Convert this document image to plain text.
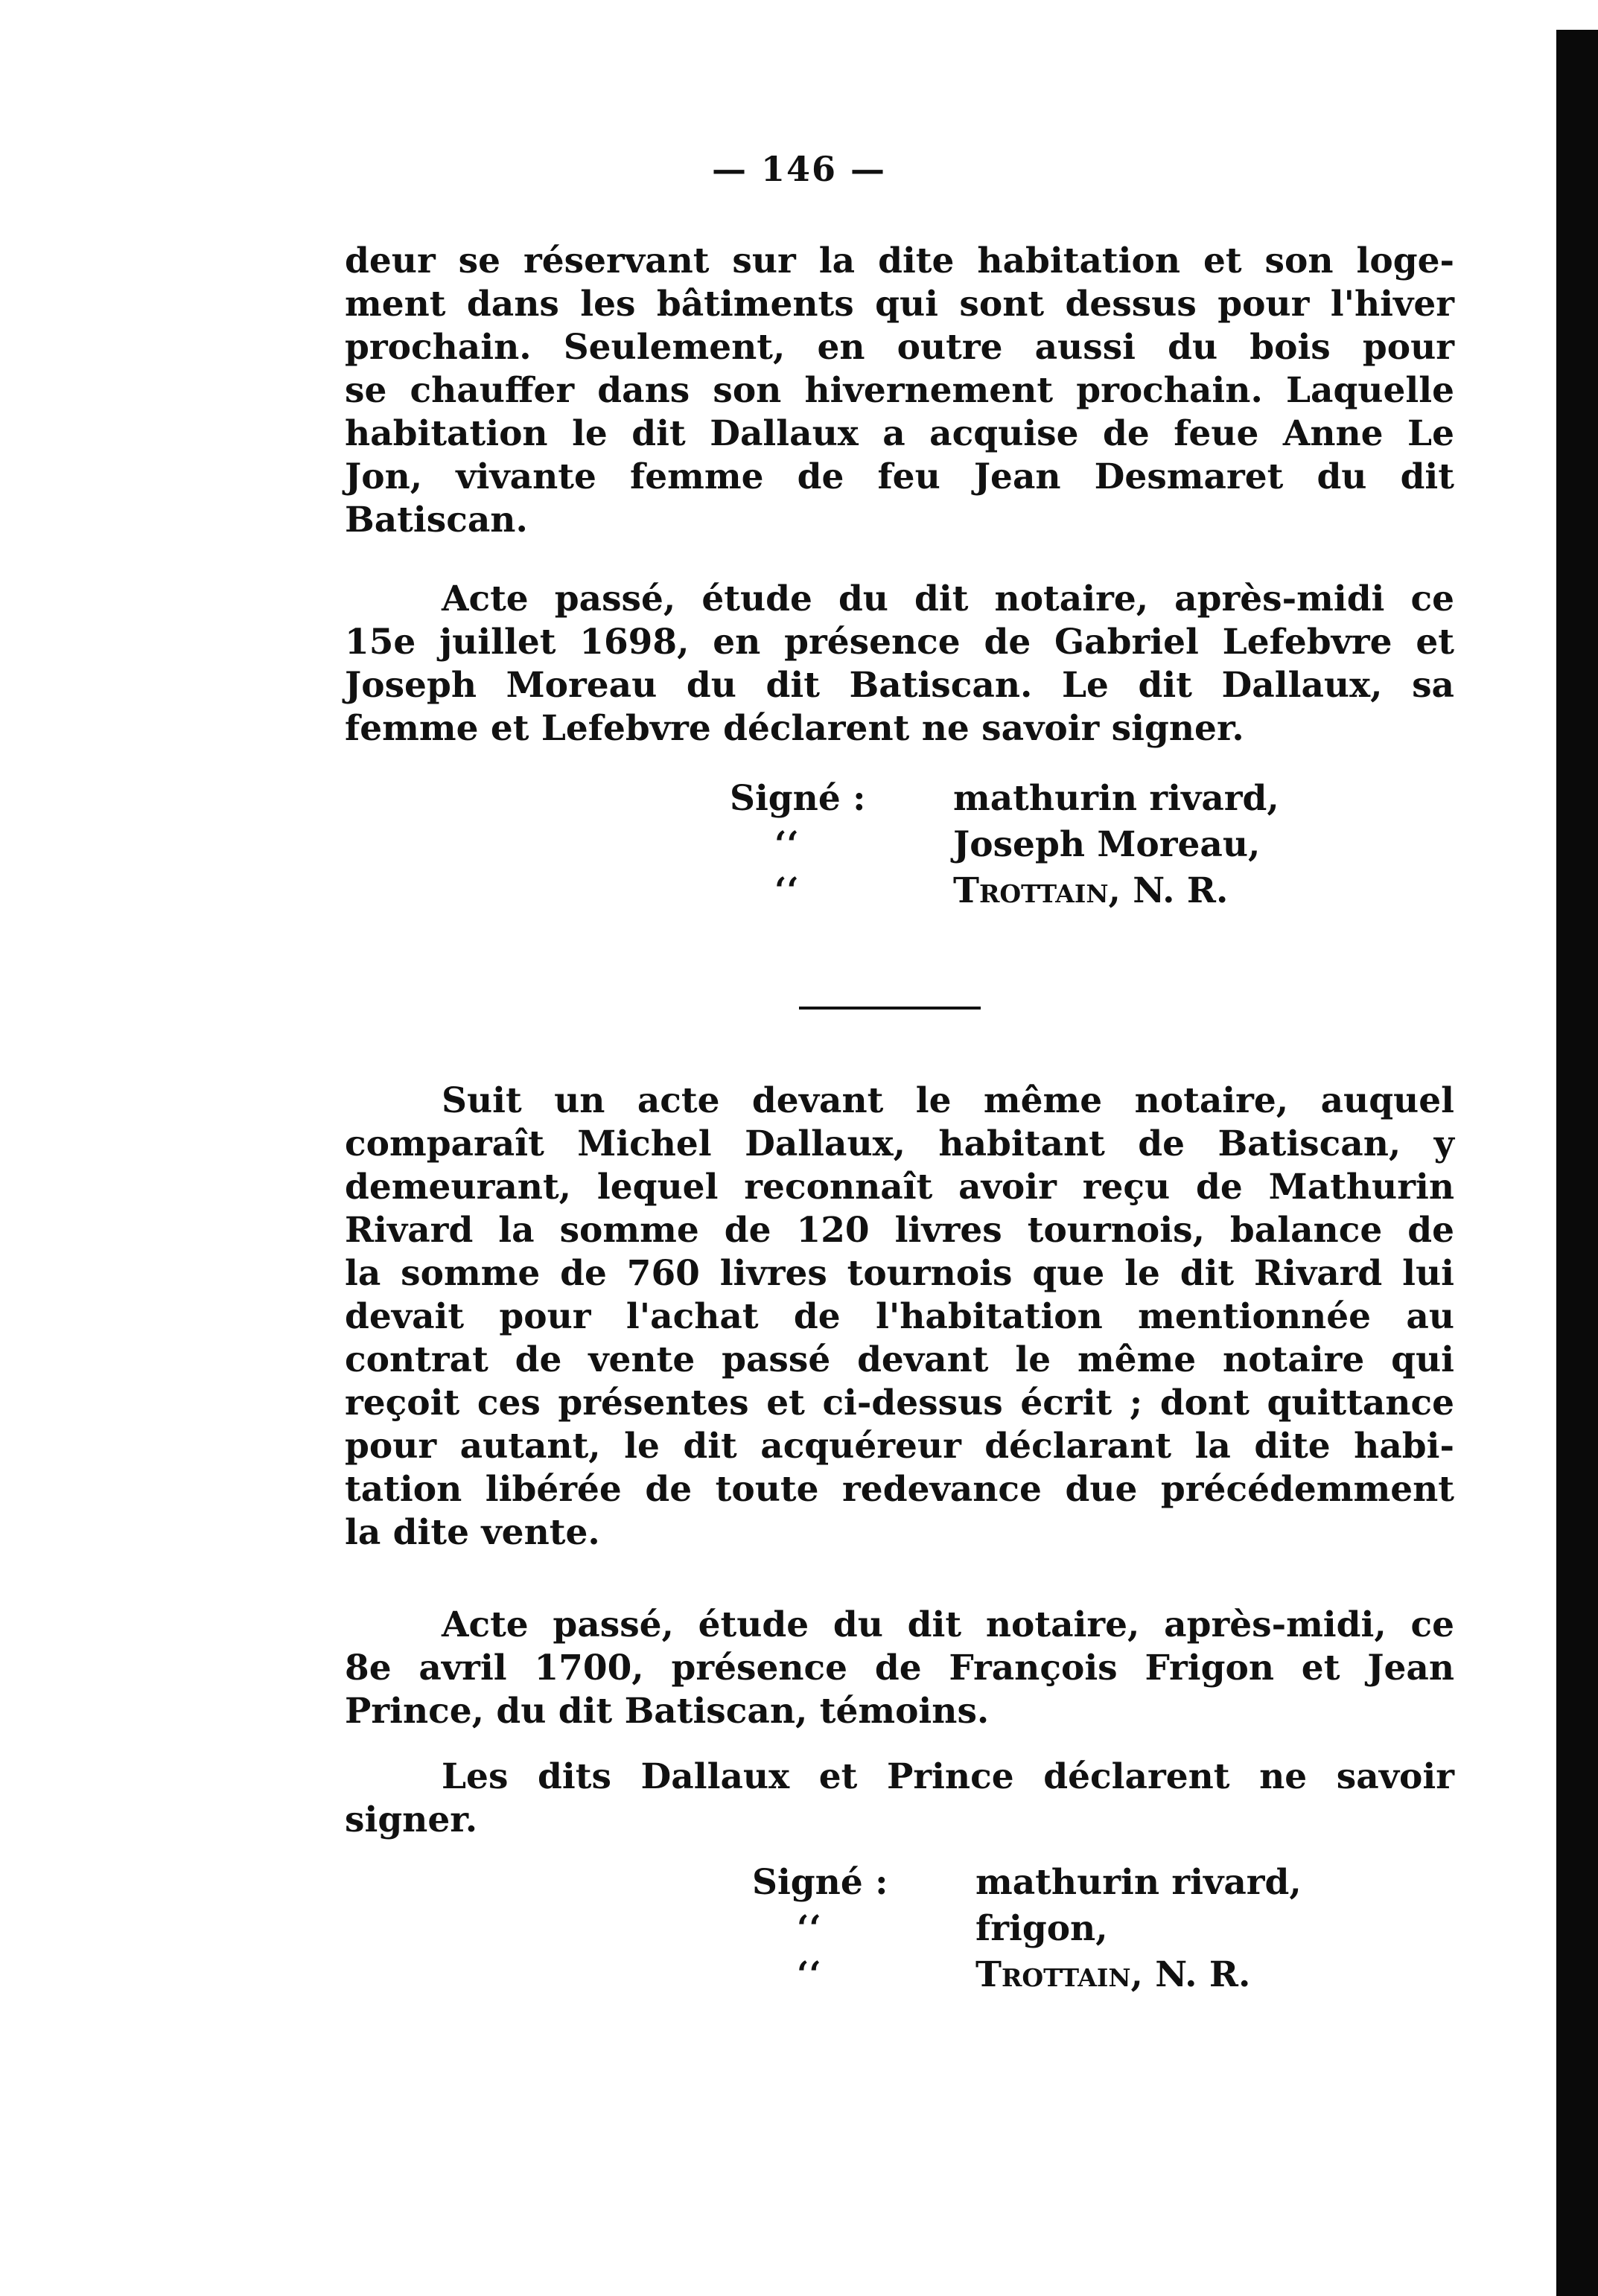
— 146 —
deur se réservant sur la dite habitation et son loge-
ment dans les bâtiments qui sont dessus pour l'hiver
prochain. Seulement, en outre aussi du bois pour
se chauffer dans son hivernement prochain. Laquelle
habitation le dit Dallaux a acquise de feue Anne Le
Jon, vivante femme de feu Jean Desmaret du dit
Batiscan.
Acte passé, étude du dit notaire, après-midi ce
15e juillet 1698, en présence de Gabriel Lefebvre et
Joseph Moreau du dit Batiscan. Le dit Dallaux, sa
femme et Lefebvre déclarent ne savoir signer.
Signé :	mathurin rivard,
‘‘	Joseph Moreau,
‘‘	Trottain, N. R.
Suit un acte devant le même notaire, auquel
comparaît Michel Dallaux, habitant de Batiscan, y
demeurant, lequel reconnaît avoir reçu de Mathurin
Rivard la somme de 120 livres tournois, balance de
la somme de 760 livres tournois que le dit Rivard lui
devait pour l'achat de l'habitation mentionnée au
contrat de vente passé devant le même notaire qui
reçoit ces présentes et ci-dessus écrit ; dont quittance
pour autant, le dit acquéreur déclarant la dite habi-
tation libérée de toute redevance due précédemment
la dite vente.
Acte passé, étude du dit notaire, après-midi, ce
8e avril 1700, présence de François Frigon et Jean
Prince, du dit Batiscan, témoins.
Les dits Dallaux et Prince déclarent ne savoir
signer.
Signé :	mathurin rivard,
‘‘	frigon,
‘‘	Trottain, N. R.
